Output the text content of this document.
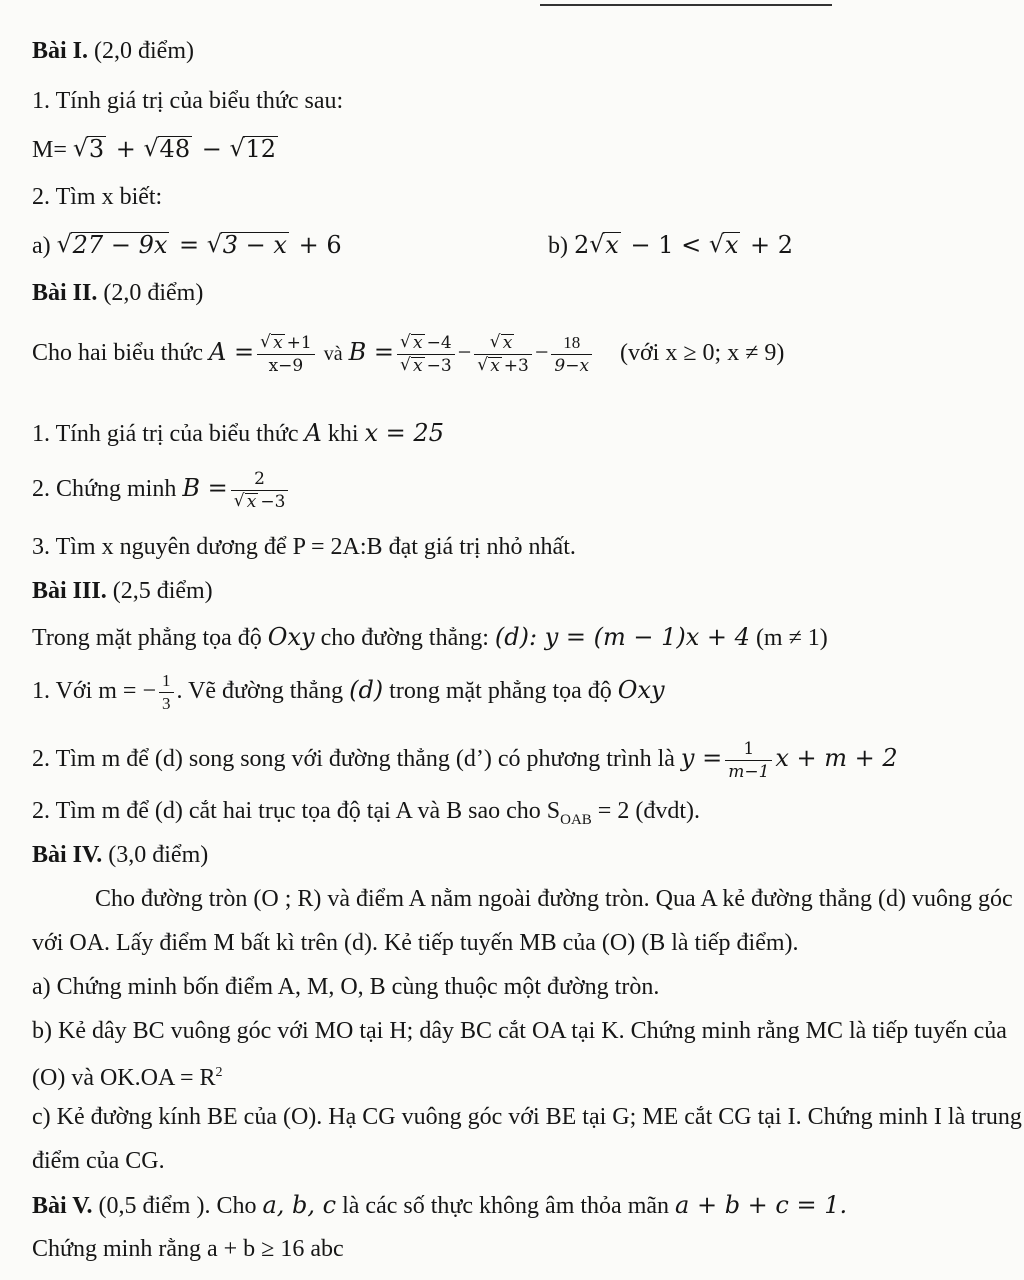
Bài I. (2,0 điểm)
1. Tính giá trị của biểu thức sau:
M= √ 3 + √ 48 − √ 12
2. Tìm x biết:
a) √ 27 − 9x = √ 3 − x + 6	b) 2 √ x − 1 < √ x + 2
Bài II. (2,0 điểm)
Cho hai biểu thức A = √ $\frac{x +1}{x-9}$ và B = √ x −4
√ x −3 − √ x
√ $x +3 - \frac{18}{9-x}$ (với x ≥ 0; x ≠ 9)
1. Tính giá trị của biểu thức A khi x = 25
2. Chứng minh B = 2
√ x −3
3. Tìm x nguyên dương để P = 2A:B đạt giá trị nhỏ nhất.
Bài III. (2,5 điểm)
Trong mặt phẳng tọa độ Oxy cho đường thẳng: (d): y = (m − 1)x + 4 (m ≠ 1)
1. Với m = − $\frac{1}{3}$ . Vẽ đường thẳng (d) trong mặt phẳng tọa độ Oxy
2. Tìm m để (d) song song với đường thẳng (d’) có phương trình là $y = \frac{1}{m-1}$ x + m + 2
2. Tìm m để (d) cắt hai trục tọa độ tại A và B sao cho $S_{OAB} = 2$ (đvdt).
Bài IV. (3,0 điểm)
Cho đường tròn (O ; R) và điểm A nằm ngoài đường tròn. Qua A kẻ đường thẳng (d) vuông góc
với OA. Lấy điểm M bất kì trên (d). Kẻ tiếp tuyến MB của (O) (B là tiếp điểm).
a) Chứng minh bốn điểm A, M, O, B cùng thuộc một đường tròn.
b) Kẻ dây BC vuông góc với MO tại H; dây BC cắt OA tại K. Chứng minh rằng MC là tiếp tuyến của
(O) và $OK.OA = R^2$
c) Kẻ đường kính BE của (O). Hạ CG vuông góc với BE tại G; ME cắt CG tại I. Chứng minh I là trung
điểm của CG.
Bài V. (0,5 điểm ). Cho a, b, c là các số thực không âm thỏa mãn a + b + c = 1.
Chứng minh rằng a + b ≥ 16 abc
